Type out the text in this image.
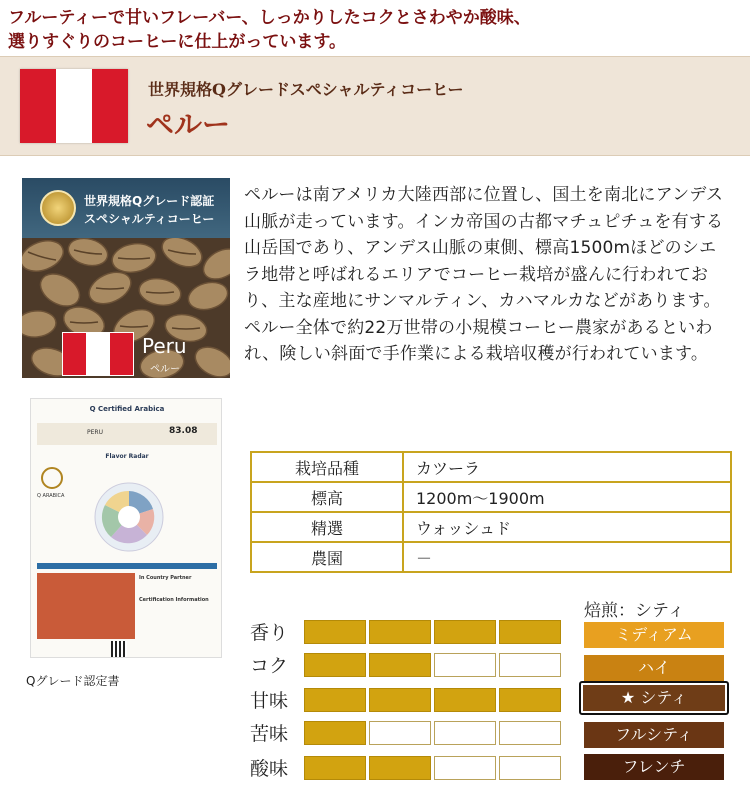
フルーティーで甘いフレーバー、しっかりしたコクとさわやか酸味、
選りすぐりのコーヒーに仕上がっています。
世界規格Qグレードスペシャルティコーヒー
ペルー
世界規格Qグレード認証
スペシャルティコーヒー
Peru
ペルー
Q Certified Arabica
PERU	83.08
Flavor Radar
Q ARABICA
In Country Partner
Certification Information
Qグレード認定書
ペルーは南アメリカ大陸西部に位置し、国土を南北にアンデス山脈が走っています。インカ帝国の古都マチュピチュを有する山岳国であり、アンデス山脈の東側、標高1500mほどのシエラ地帯と呼ばれるエリアでコーヒー栽培が盛んに行われており、主な産地にサンマルティン、カハマルカなどがあります。ペルー全体で約22万世帯の小規模コーヒー農家があるといわれ、険しい斜面で手作業による栽培収穫が行われています。
栽培品種	カツーラ
標高	1200m～1900m
精選	ウォッシュド
農園	－
焙煎：シティ
ミディアム
ハイ
★ シティ
フルシティ
フレンチ
香り
コク
甘味
苦味
酸味
